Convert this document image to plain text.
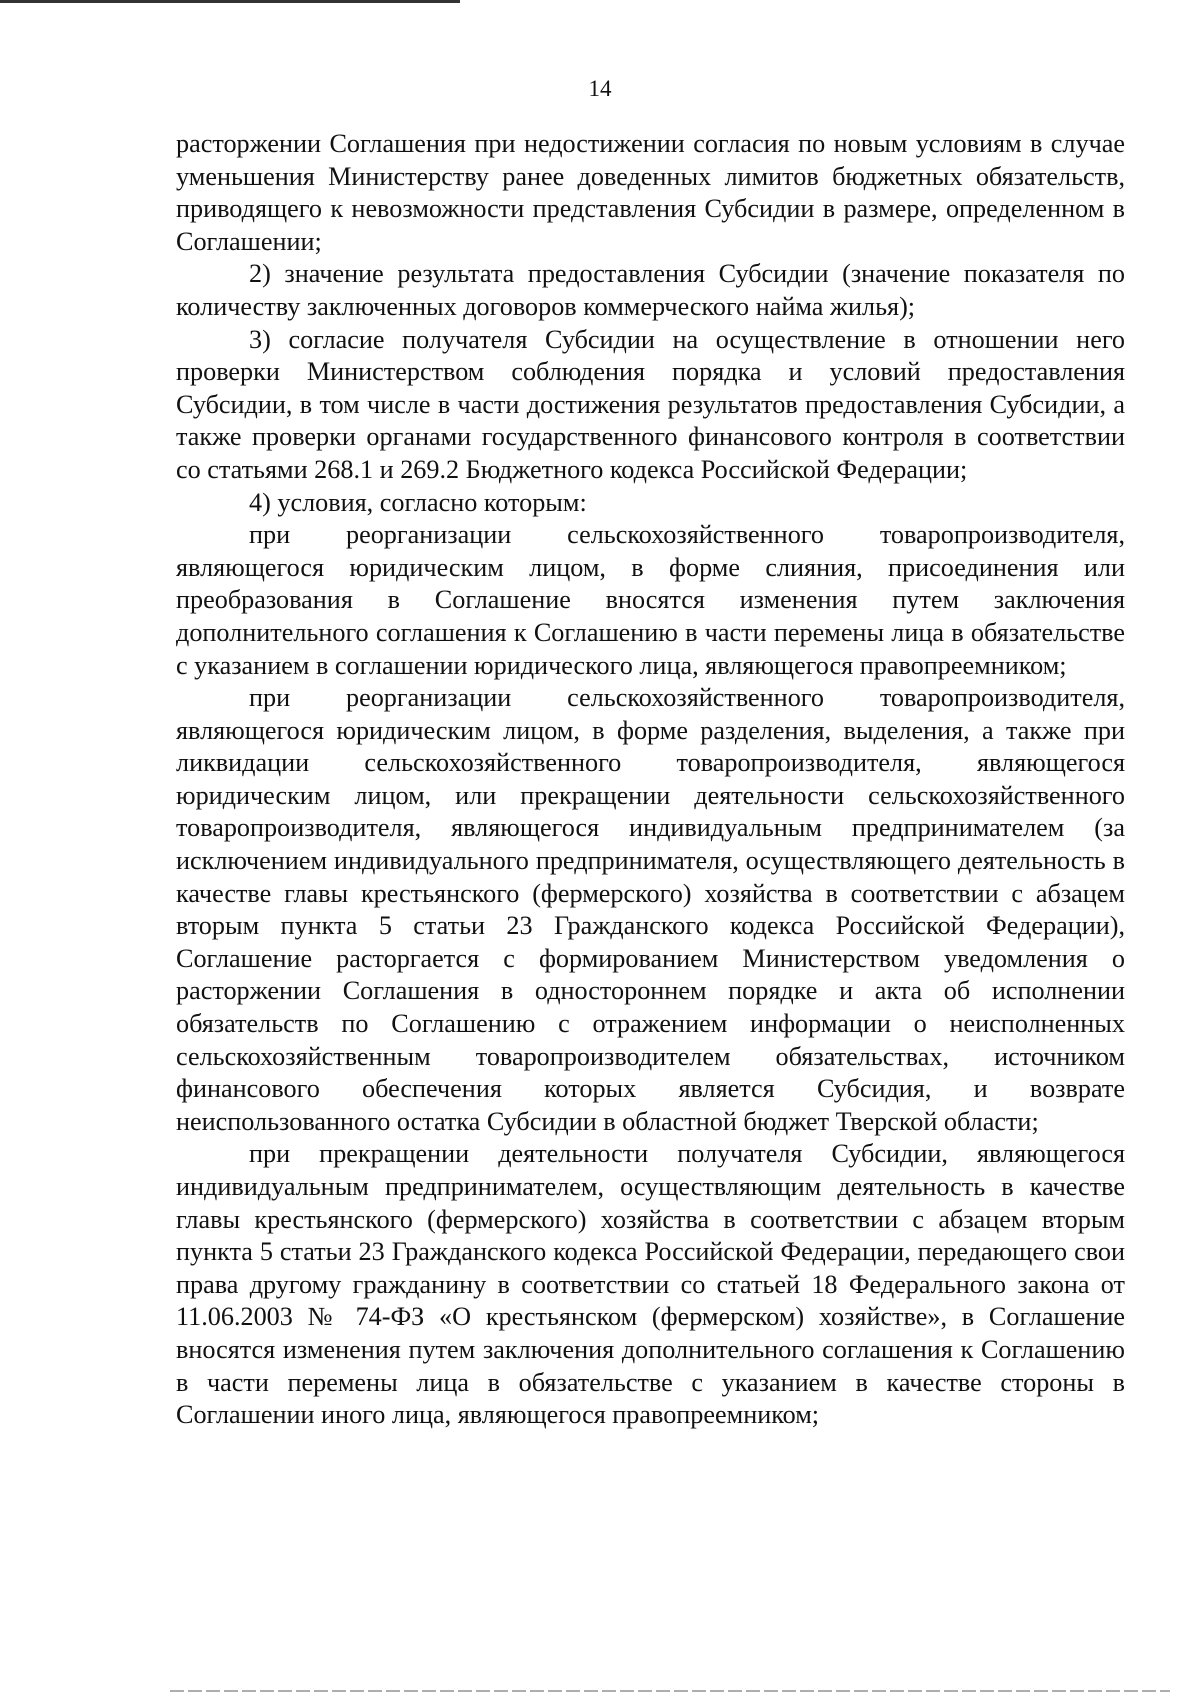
14

расторжении Соглашения при недостижении согласия по новым условиям в случае уменьшения Министерству ранее доведенных лимитов бюджетных обязательств, приводящего к невозможности представления Субсидии в размере, определенном в Соглашении;

2) значение результата предоставления Субсидии (значение показателя по количеству заключенных договоров коммерческого найма жилья);

3) согласие получателя Субсидии на осуществление в отношении него проверки Министерством соблюдения порядка и условий предоставления Субсидии, в том числе в части достижения результатов предоставления Субсидии, а также проверки органами государственного финансового контроля в соответствии со статьями 268.1 и 269.2 Бюджетного кодекса Российской Федерации;

4) условия, согласно которым:

при реорганизации сельскохозяйственного товаропроизводителя, являющегося юридическим лицом, в форме слияния, присоединения или преобразования в Соглашение вносятся изменения путем заключения дополнительного соглашения к Соглашению в части перемены лица в обязательстве с указанием в соглашении юридического лица, являющегося правопреемником;

при реорганизации сельскохозяйственного товаропроизводителя, являющегося юридическим лицом, в форме разделения, выделения, а также при ликвидации сельскохозяйственного товаропроизводителя, являющегося юридическим лицом, или прекращении деятельности сельскохозяйственного товаропроизводителя, являющегося индивидуальным предпринимателем (за исключением индивидуального предпринимателя, осуществляющего деятельность в качестве главы крестьянского (фермерского) хозяйства в соответствии с абзацем вторым пункта 5 статьи 23 Гражданского кодекса Российской Федерации), Соглашение расторгается с формированием Министерством уведомления о расторжении Соглашения в одностороннем порядке и акта об исполнении обязательств по Соглашению с отражением информации о неисполненных сельскохозяйственным товаропроизводителем обязательствах, источником финансового обеспечения которых является Субсидия, и возврате неиспользованного остатка Субсидии в областной бюджет Тверской области;

при прекращении деятельности получателя Субсидии, являющегося индивидуальным предпринимателем, осуществляющим деятельность в качестве главы крестьянского (фермерского) хозяйства в соответствии с абзацем вторым пункта 5 статьи 23 Гражданского кодекса Российской Федерации, передающего свои права другому гражданину в соответствии со статьей 18 Федерального закона от 11.06.2003 № 74-ФЗ «О крестьянском (фермерском) хозяйстве», в Соглашение вносятся изменения путем заключения дополнительного соглашения к Соглашению в части перемены лица в обязательстве с указанием в качестве стороны в Соглашении иного лица, являющегося правопреемником;
